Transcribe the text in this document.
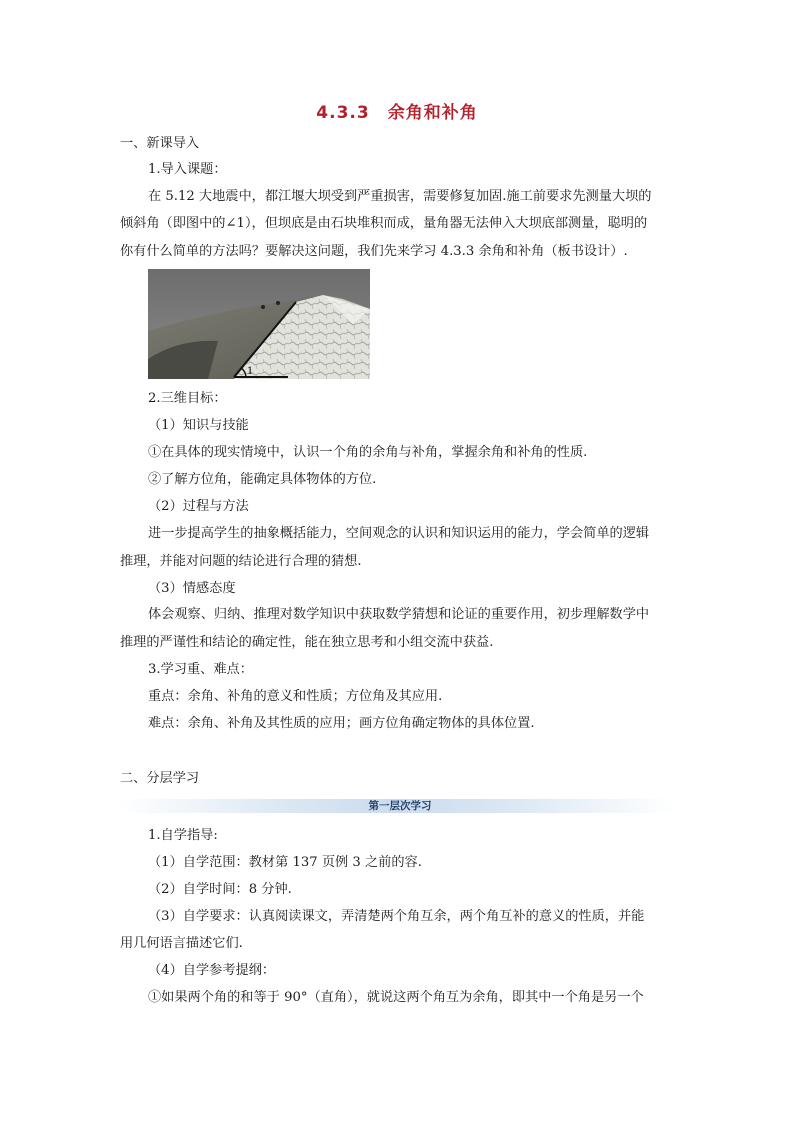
4.3.3　余角和补角
一、新课导入
1.导入课题：
在 5.12 大地震中，都江堰大坝受到严重损害，需要修复加固.施工前要求先测量大坝的
倾斜角（即图中的∠1），但坝底是由石块堆积而成，量角器无法伸入大坝底部测量，聪明的
你有什么简单的方法吗？要解决这问题，我们先来学习 4.3.3 余角和补角（板书设计）.
1
2.三维目标：
（1）知识与技能
①在具体的现实情境中，认识一个角的余角与补角，掌握余角和补角的性质.
②了解方位角，能确定具体物体的方位.
（2）过程与方法
进一步提高学生的抽象概括能力，空间观念的认识和知识运用的能力，学会简单的逻辑
推理，并能对问题的结论进行合理的猜想.
（3）情感态度
体会观察、归纳、推理对数学知识中获取数学猜想和论证的重要作用，初步理解数学中
推理的严谨性和结论的确定性，能在独立思考和小组交流中获益.
3.学习重、难点：
重点：余角、补角的意义和性质；方位角及其应用.
难点：余角、补角及其性质的应用；画方位角确定物体的具体位置.
二、分层学习
第一层次学习
1.自学指导:
（1）自学范围：教材第 137 页例 3 之前的容.
（2）自学时间：8 分钟.
（3）自学要求：认真阅读课文，弄清楚两个角互余，两个角互补的意义的性质，并能
用几何语言描述它们.
（4）自学参考提纲：
①如果两个角的和等于 90°（直角），就说这两个角互为余角，即其中一个角是另一个
